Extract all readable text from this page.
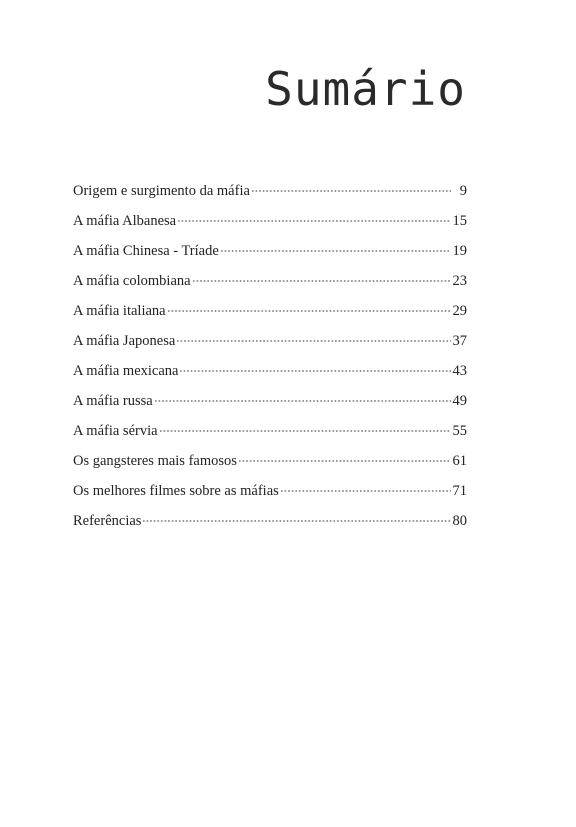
Sumário
Origem e surgimento da máfia	9
A máfia Albanesa	15
A máfia Chinesa - Tríade	19
A máfia colombiana	23
A máfia italiana	29
A máfia Japonesa	37
A máfia mexicana	43
A máfia russa	49
A máfia sérvia	55
Os gangsteres mais famosos	61
Os melhores filmes sobre as máfias	71
Referências	80
